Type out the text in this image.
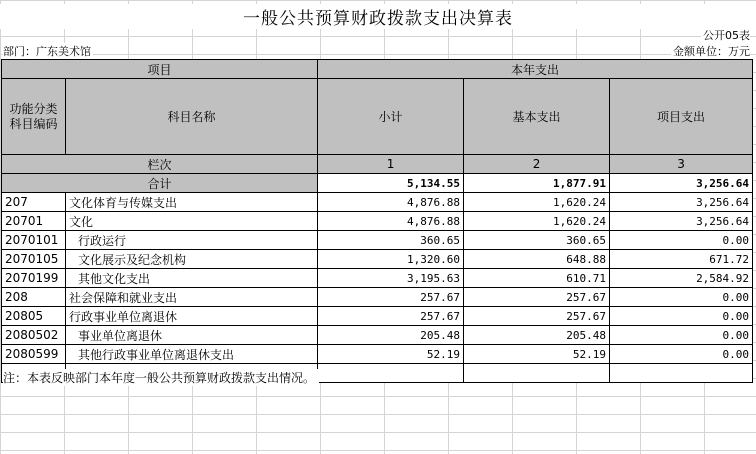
一般公共预算财政拨款支出决算表
公开05表
部门：广东美术馆	金额单位：万元
项目		本年支出		
功能分类科目编码	科目名称	小计	基本支出	项目支出
栏次		1	2	3
合计		5,134.55	1,877.91	3,256.64
207	文化体育与传媒支出	4,876.88	1,620.24	3,256.64
20701	文化	4,876.88	1,620.24	3,256.64
2070101	行政运行	360.65	360.65	0.00
2070105	文化展示及纪念机构	1,320.60	648.88	671.72
2070199	其他文化支出	3,195.63	610.71	2,584.92
208	社会保障和就业支出	257.67	257.67	0.00
20805	行政事业单位离退休	257.67	257.67	0.00
2080502	事业单位离退休	205.48	205.48	0.00
2080599	其他行政事业单位离退休支出	52.19	52.19	0.00

注：本表反映部门本年度一般公共预算财政拨款支出情况。
